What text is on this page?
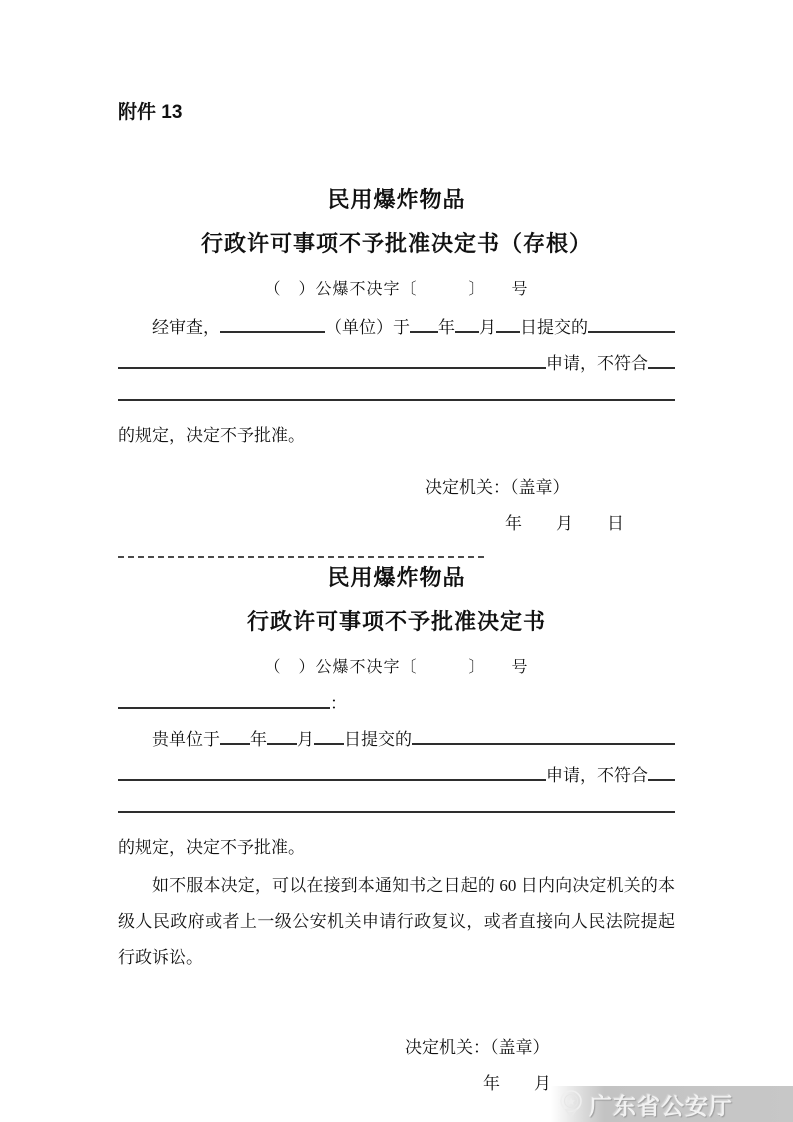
附件 13
民用爆炸物品
行政许可事项不予批准决定书（存根）
（　）公爆不决字〔　　　〕　　号
经审查，	（单位）于 年 月 日提交的
申请，不符合
的规定，决定不予批准。
决定机关：（盖章）
年　　月　　日
民用爆炸物品
行政许可事项不予批准决定书
（　）公爆不决字〔　　　〕　　号
：
贵单位于 年 月 日提交的
申请，不符合
的规定，决定不予批准。
如不服本决定，可以在接到本通知书之日起的 60 日内向决定机关的本级人民政府或者上一级公安机关申请行政复议，或者直接向人民法院提起行政诉讼。
决定机关：（盖章）
年　　月
广东省公安厅
